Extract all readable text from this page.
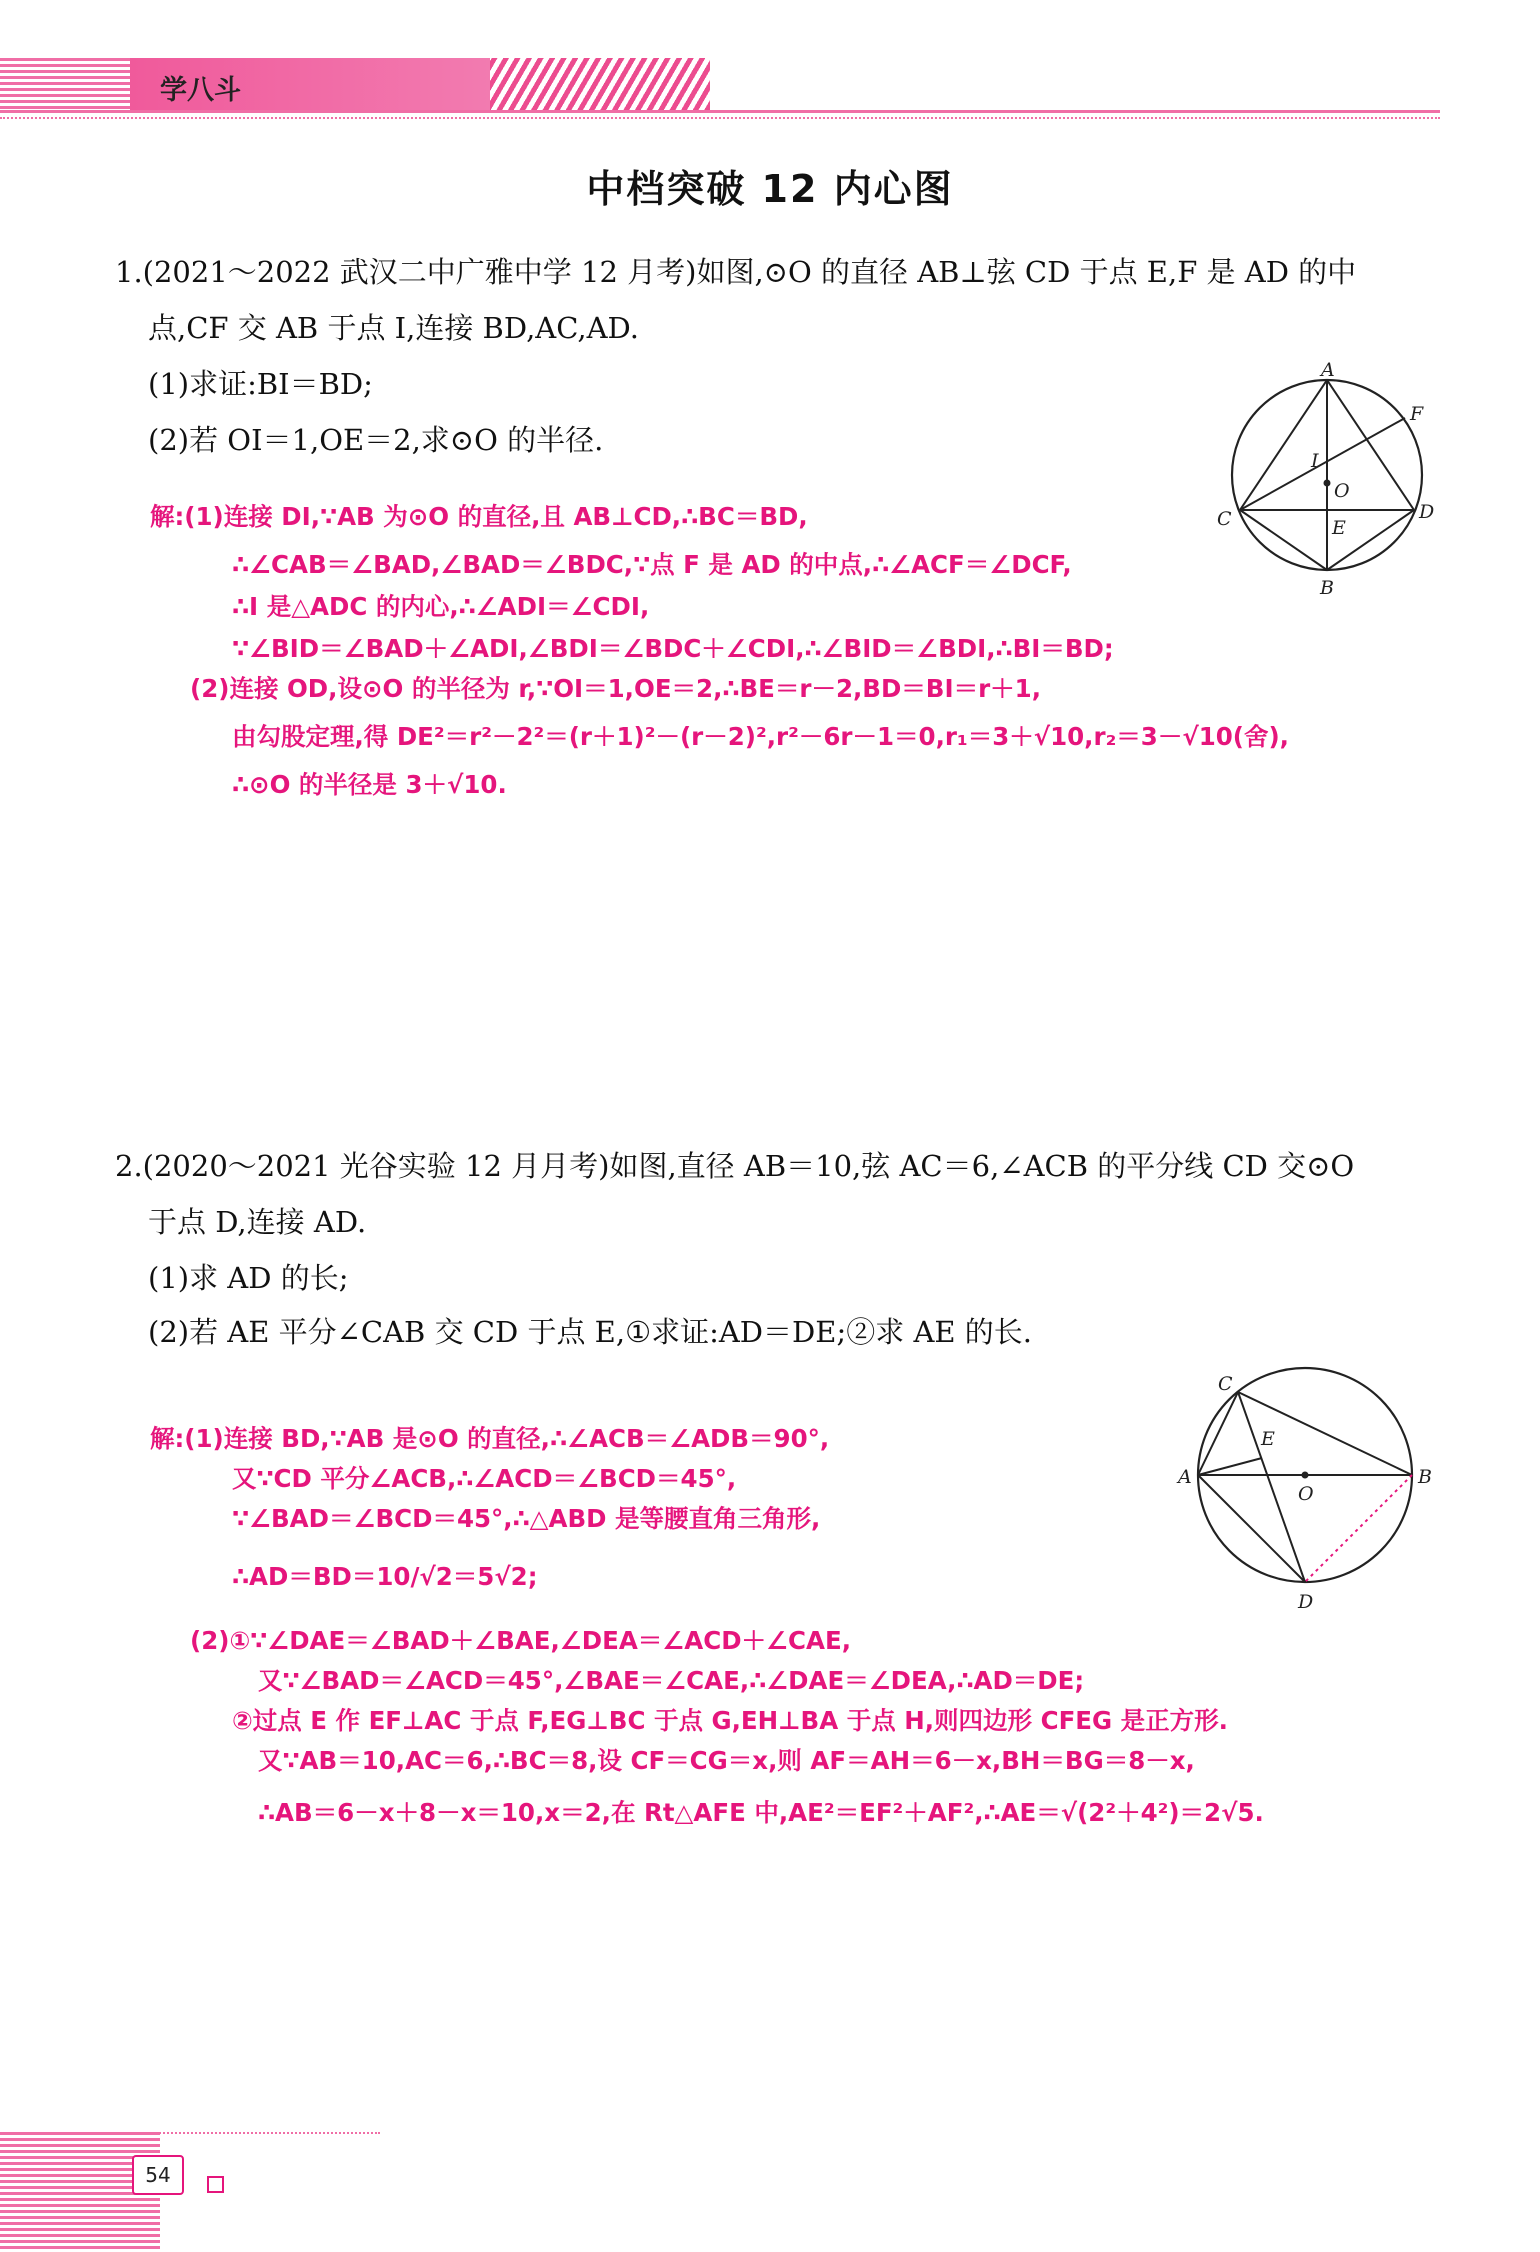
学八斗
中档突破 12 内心图
1.(2021～2022 武汉二中广雅中学 12 月考)如图,⊙O 的直径 AB⊥弦 CD 于点 E,F 是 AD 的中
点,CF 交 AB 于点 I,连接 BD,AC,AD.
(1)求证:BI＝BD;
(2)若 OI＝1,OE＝2,求⊙O 的半径.
解:(1)连接 DI,∵AB 为⊙O 的直径,且 AB⊥CD,∴BC＝BD,
∴∠CAB＝∠BAD,∠BAD＝∠BDC,∵点 F 是 AD 的中点,∴∠ACF＝∠DCF,
∴I 是△ADC 的内心,∴∠ADI＝∠CDI,
∵∠BID＝∠BAD＋∠ADI,∠BDI＝∠BDC＋∠CDI,∴∠BID＝∠BDI,∴BI＝BD;
(2)连接 OD,设⊙O 的半径为 r,∵OI＝1,OE＝2,∴BE＝r－2,BD＝BI＝r＋1,
由勾股定理,得 DE²＝r²－2²＝(r＋1)²－(r－2)²,r²－6r－1＝0,r₁＝3＋√10,r₂＝3－√10(舍),
∴⊙O 的半径是 3＋√10.
A
F
I
O
C	E
D
B
2.(2020～2021 光谷实验 12 月月考)如图,直径 AB＝10,弦 AC＝6,∠ACB 的平分线 CD 交⊙O
于点 D,连接 AD.
(1)求 AD 的长;
(2)若 AE 平分∠CAB 交 CD 于点 E,①求证:AD＝DE;②求 AE 的长.
解:(1)连接 BD,∵AB 是⊙O 的直径,∴∠ACB＝∠ADB＝90°,
又∵CD 平分∠ACB,∴∠ACD＝∠BCD＝45°,
∵∠BAD＝∠BCD＝45°,∴△ABD 是等腰直角三角形,
∴AD＝BD＝10/√2＝5√2;
(2)①∵∠DAE＝∠BAD＋∠BAE,∠DEA＝∠ACD＋∠CAE,
又∵∠BAD＝∠ACD＝45°,∠BAE＝∠CAE,∴∠DAE＝∠DEA,∴AD＝DE;
②过点 E 作 EF⊥AC 于点 F,EG⊥BC 于点 G,EH⊥BA 于点 H,则四边形 CFEG 是正方形.
又∵AB＝10,AC＝6,∴BC＝8,设 CF＝CG＝x,则 AF＝AH＝6－x,BH＝BG＝8－x,
∴AB＝6－x＋8－x＝10,x＝2,在 Rt△AFE 中,AE²＝EF²＋AF²,∴AE＝√(2²＋4²)＝2√5.
C
E
A
O
B
D
54
